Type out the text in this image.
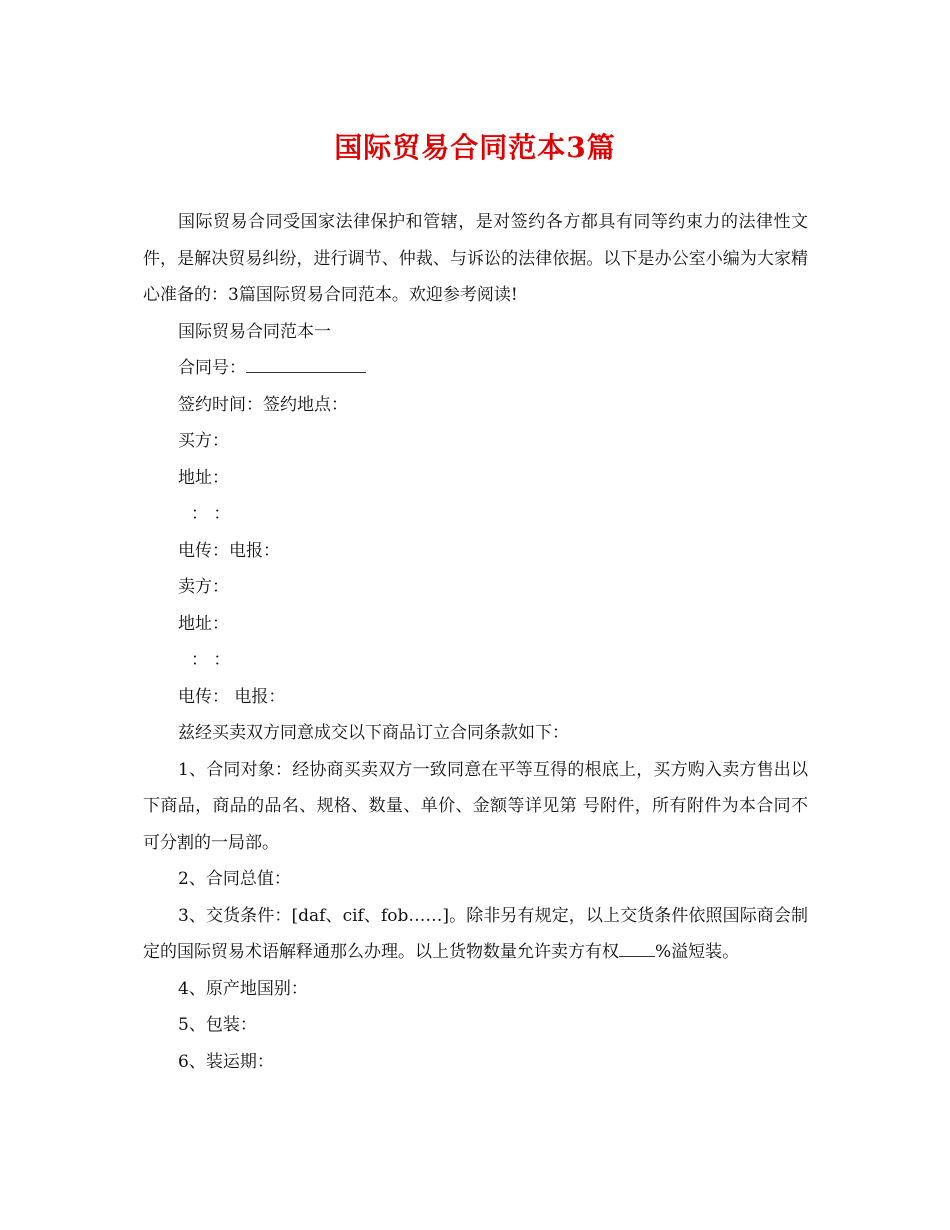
国际贸易合同范本3篇

国际贸易合同受国家法律保护和管辖，是对签约各方都具有同等约束力的法律性文件，是解决贸易纠纷，进行调节、仲裁、与诉讼的法律依据。以下是办公室小编为大家精心准备的：3篇国际贸易合同范本。欢迎参考阅读!

国际贸易合同范本一

合同号：

签约时间：签约地点：

买方：

地址：

： ：

电传：电报：

卖方：

地址：

： ：

电传： 电报：

兹经买卖双方同意成交以下商品订立合同条款如下：

1、合同对象：经协商买卖双方一致同意在平等互得的根底上，买方购入卖方售出以下商品，商品的品名、规格、数量、单价、金额等详见第 号附件，所有附件为本合同不可分割的一局部。

2、合同总值：

3、交货条件：[daf、cif、fob……]。除非另有规定，以上交货条件依照国际商会制定的国际贸易术语解释通那么办理。以上货物数量允许卖方有权 %溢短装。

4、原产地国别：

5、包装：

6、装运期：
